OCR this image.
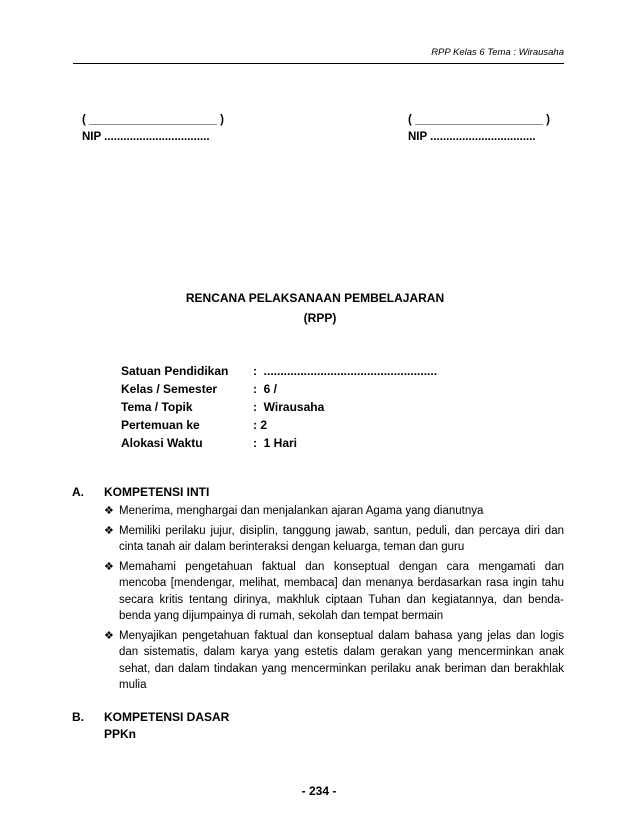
RPP Kelas 6 Tema : Wirausaha
( ____________________ )
NIP .................................
( ____________________ )
NIP .................................
RENCANA PELAKSANAAN PEMBELAJARAN
(RPP)
Satuan Pendidikan	:  ....................................................
Kelas / Semester	:  6 /
Tema / Topik	:  Wirausaha
Pertemuan ke	: 2
Alokasi Waktu	:  1 Hari
A. KOMPETENSI INTI
❖ Menerima, menghargai dan menjalankan ajaran Agama yang dianutnya
❖ Memiliki perilaku jujur, disiplin, tanggung jawab, santun, peduli, dan percaya diri dan cinta tanah air dalam berinteraksi dengan keluarga, teman dan guru
❖ Memahami pengetahuan faktual dan konseptual dengan cara mengamati dan mencoba [mendengar, melihat, membaca] dan menanya berdasarkan rasa ingin tahu secara kritis tentang dirinya, makhluk ciptaan Tuhan dan kegiatannya, dan benda-benda yang dijumpainya di rumah, sekolah dan tempat bermain
❖ Menyajikan pengetahuan faktual dan konseptual dalam bahasa yang jelas dan logis dan sistematis, dalam karya yang estetis dalam gerakan yang mencerminkan anak sehat, dan dalam tindakan yang mencerminkan perilaku anak beriman dan berakhlak mulia
B. KOMPETENSI DASAR
PPKn
- 234 -
